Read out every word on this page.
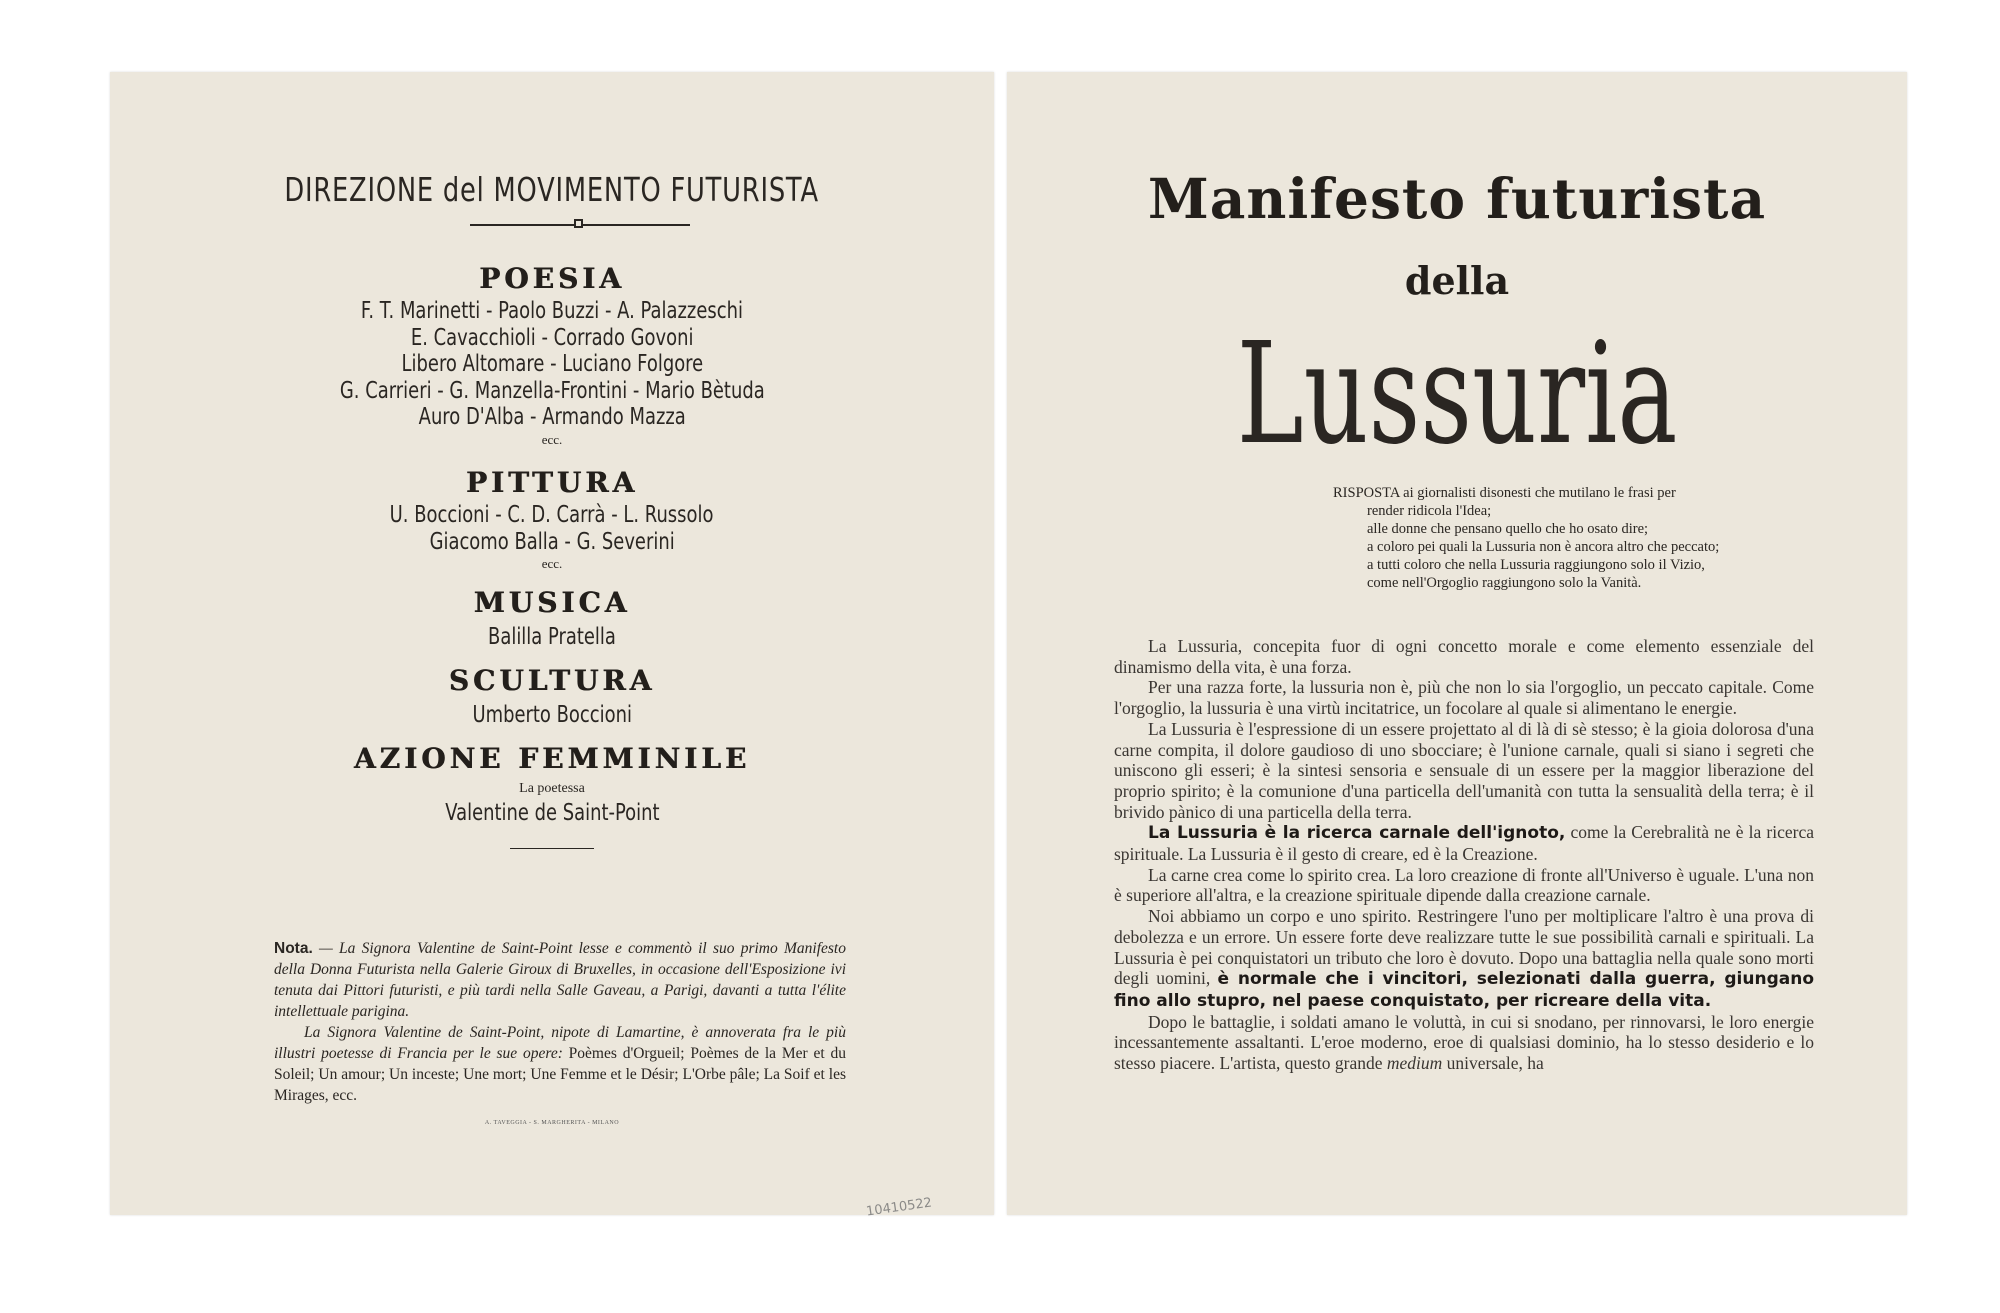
DIREZIONE del MOVIMENTO FUTURISTA
POESIA
F. T. Marinetti - Paolo Buzzi - A. Palazzeschi
E. Cavacchioli - Corrado Govoni
Libero Altomare - Luciano Folgore
G. Carrieri - G. Manzella-Frontini - Mario Bètuda
Auro D'Alba - Armando Mazza
ecc.
PITTURA
U. Boccioni - C. D. Carrà - L. Russolo
Giacomo Balla - G. Severini
ecc.
MUSICA
Balilla Pratella
SCULTURA
Umberto Boccioni
AZIONE FEMMINILE
La poetessa
Valentine de Saint-Point

Nota. — La Signora Valentine de Saint-Point lesse e commentò il suo primo Manifesto della Donna Futurista nella Galerie Giroux di Bruxelles, in occasione dell'Esposizione ivi tenuta dai Pittori futuristi, e più tardi nella Salle Gaveau, a Parigi, davanti a tutta l'élite intellettuale parigina.

La Signora Valentine de Saint-Point, nipote di Lamartine, è annoverata fra le più illustri poetesse di Francia per le sue opere: Poèmes d'Orgueil; Poèmes de la Mer et du Soleil; Un amour; Un inceste; Une mort; Une Femme et le Désir; L'Orbe pâle; La Soif et les Mirages, ecc.

A. TAVEGGIA - S. MARGHERITA - MILANO
10410522
Manifesto futurista
della
Lussuria
RISPOSTA ai giornalisti disonesti che mutilano le frasi per
render ridicola l'Idea;
alle donne che pensano quello che ho osato dire;
a coloro pei quali la Lussuria non è ancora altro che peccato;
a tutti coloro che nella Lussuria raggiungono solo il Vizio,
come nell'Orgoglio raggiungono solo la Vanità.

La Lussuria, concepita fuor di ogni concetto morale e come elemento essenziale del dinamismo della vita, è una forza.

Per una razza forte, la lussuria non è, più che non lo sia l'orgoglio, un peccato capitale. Come l'orgoglio, la lussuria è una virtù incitatrice, un focolare al quale si alimentano le energie.

La Lussuria è l'espressione di un essere projettato al di là di sè stesso; è la gioia dolorosa d'una carne compita, il dolore gaudioso di uno sbocciare; è l'unione carnale, quali si siano i segreti che uniscono gli esseri; è la sintesi sensoria e sensuale di un essere per la maggior liberazione del proprio spirito; è la comunione d'una particella dell'umanità con tutta la sensualità della terra; è il brivido pànico di una particella della terra.

La Lussuria è la ricerca carnale dell'ignoto, come la Cerebralità ne è la ricerca spirituale. La Lussuria è il gesto di creare, ed è la Creazione.

La carne crea come lo spirito crea. La loro creazione di fronte all'Universo è uguale. L'una non è superiore all'altra, e la creazione spirituale dipende dalla creazione carnale.

Noi abbiamo un corpo e uno spirito. Restringere l'uno per moltiplicare l'altro è una prova di debolezza e un errore. Un essere forte deve realizzare tutte le sue possibilità carnali e spirituali. La Lussuria è pei conquistatori un tributo che loro è dovuto. Dopo una battaglia nella quale sono morti degli uomini, è normale che i vincitori, selezionati dalla guerra, giungano fino allo stupro, nel paese conquistato, per ricreare della vita.

Dopo le battaglie, i soldati amano le voluttà, in cui si snodano, per rinnovarsi, le loro energie incessantemente assaltanti. L'eroe moderno, eroe di qualsiasi dominio, ha lo stesso desiderio e lo stesso piacere. L'artista, questo grande medium universale, ha
